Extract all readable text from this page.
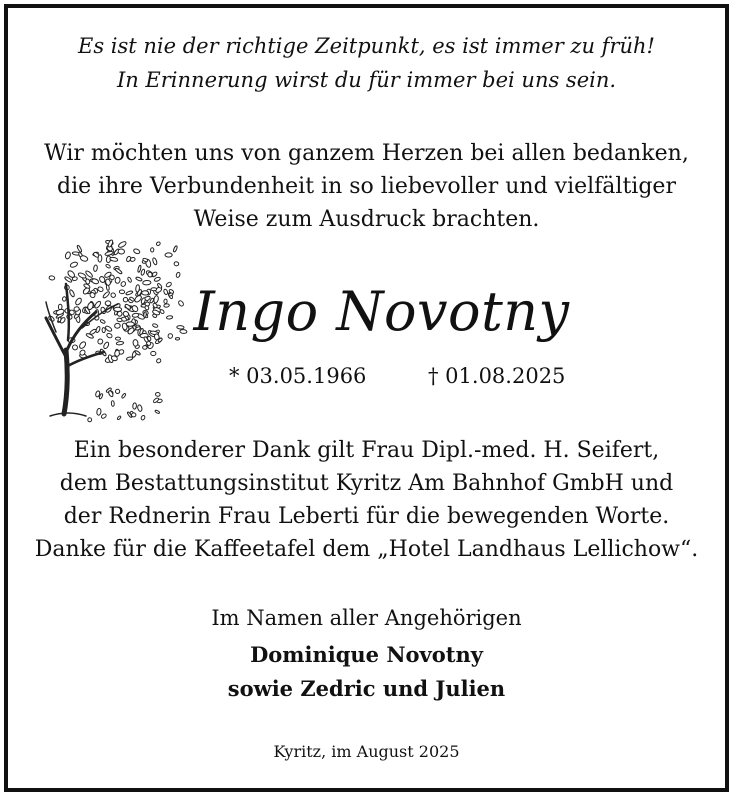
Es ist nie der richtige Zeitpunkt, es ist immer zu früh!
In Erinnerung wirst du für immer bei uns sein.
Wir möchten uns von ganzem Herzen bei allen bedanken,
die ihre Verbundenheit in so liebevoller und vielfältiger
Weise zum Ausdruck brachten.
Ingo Novotny
* 03.05.1966	† 01.08.2025
Ein besonderer Dank gilt Frau Dipl.-med. H. Seifert,
dem Bestattungsinstitut Kyritz Am Bahnhof GmbH und
der Rednerin Frau Leberti für die bewegenden Worte.
Danke für die Kaffeetafel dem „Hotel Landhaus Lellichow“.
Im Namen aller Angehörigen
Dominique Novotny
sowie Zedric und Julien
Kyritz, im August 2025
